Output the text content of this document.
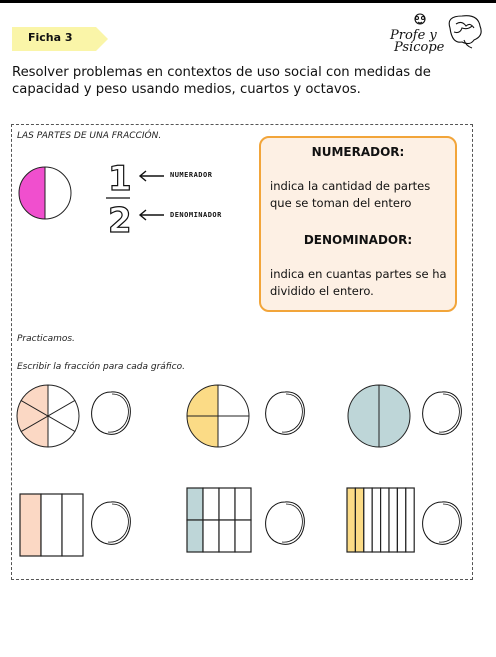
Ficha 3	Profe y
Psicope
Resolver problemas en contextos de uso social con medidas de capacidad y peso usando medios, cuartos y octavos.
LAS PARTES DE UNA FRACCIÓN.
1
2
NUMERADOR
DENOMINADOR
NUMERADOR:
indica la cantidad de partes que se toman del entero
DENOMINADOR:
indica en cuantas partes se ha dividido el entero.
Practicamos.
Escribir la fracción para cada gráfico.
